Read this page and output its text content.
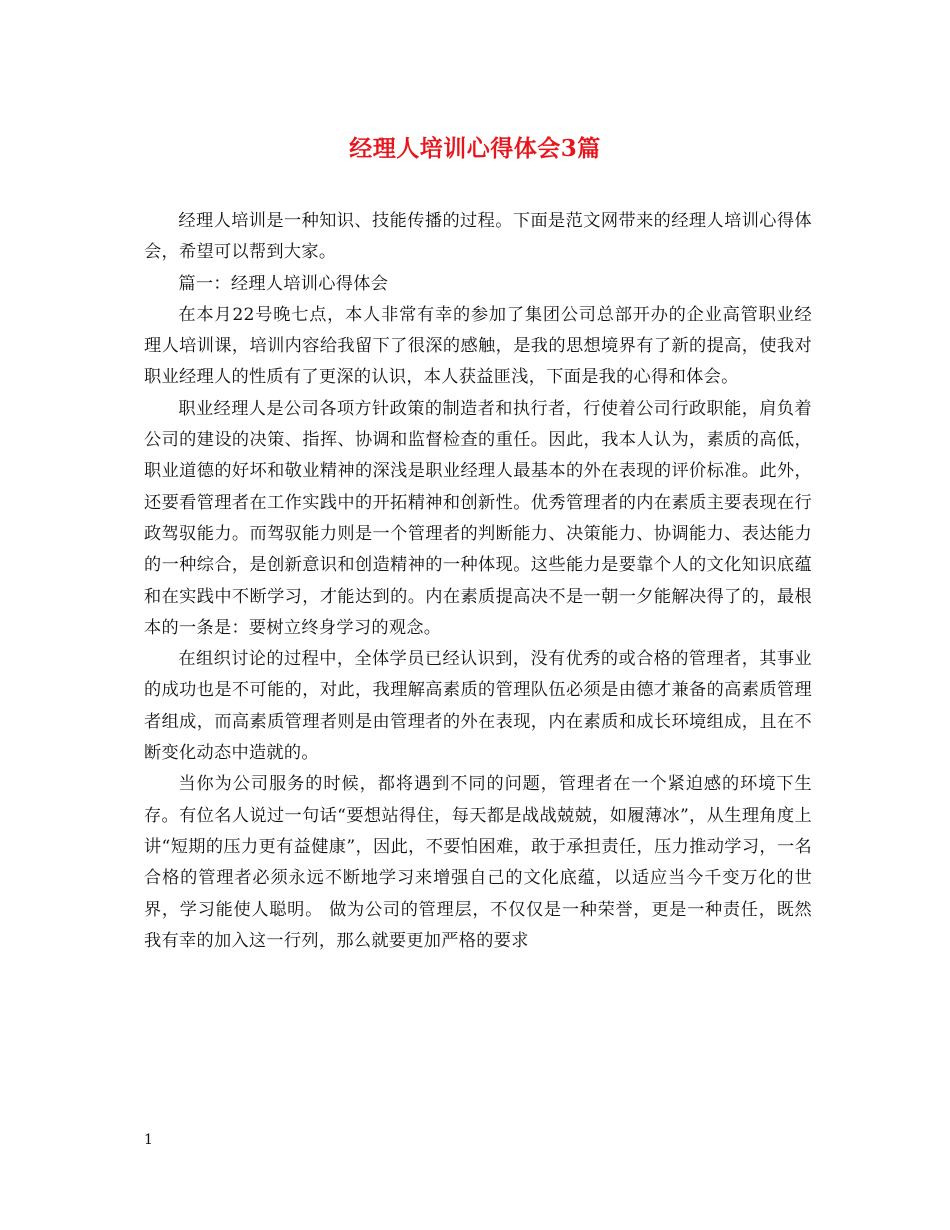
经理人培训心得体会3篇

经理人培训是一种知识、技能传播的过程。下面是范文网带来的经理人培训心得体会，希望可以帮到大家。

篇一：经理人培训心得体会

在本月22号晚七点，本人非常有幸的参加了集团公司总部开办的企业高管职业经理人培训课，培训内容给我留下了很深的感触，是我的思想境界有了新的提高，使我对职业经理人的性质有了更深的认识，本人获益匪浅，下面是我的心得和体会。

职业经理人是公司各项方针政策的制造者和执行者，行使着公司行政职能，肩负着公司的建设的决策、指挥、协调和监督检查的重任。因此，我本人认为，素质的高低，职业道德的好坏和敬业精神的深浅是职业经理人最基本的外在表现的评价标准。此外，还要看管理者在工作实践中的开拓精神和创新性。优秀管理者的内在素质主要表现在行政驾驭能力。而驾驭能力则是一个管理者的判断能力、决策能力、协调能力、表达能力的一种综合，是创新意识和创造精神的一种体现。这些能力是要靠个人的文化知识底蕴和在实践中不断学习，才能达到的。内在素质提高决不是一朝一夕能解决得了的，最根本的一条是：要树立终身学习的观念。

在组织讨论的过程中，全体学员已经认识到，没有优秀的或合格的管理者，其事业的成功也是不可能的，对此，我理解高素质的管理队伍必须是由德才兼备的高素质管理者组成，而高素质管理者则是由管理者的外在表现，内在素质和成长环境组成，且在不断变化动态中造就的。

当你为公司服务的时候，都将遇到不同的问题，管理者在一个紧迫感的环境下生存。有位名人说过一句话“要想站得住，每天都是战战兢兢，如履薄冰”，从生理角度上讲“短期的压力更有益健康”，因此，不要怕困难，敢于承担责任，压力推动学习，一名合格的管理者必须永远不断地学习来增强自己的文化底蕴，以适应当今千变万化的世界，学习能使人聪明。 做为公司的管理层，不仅仅是一种荣誉，更是一种责任，既然我有幸的加入这一行列，那么就要更加严格的要求

1
